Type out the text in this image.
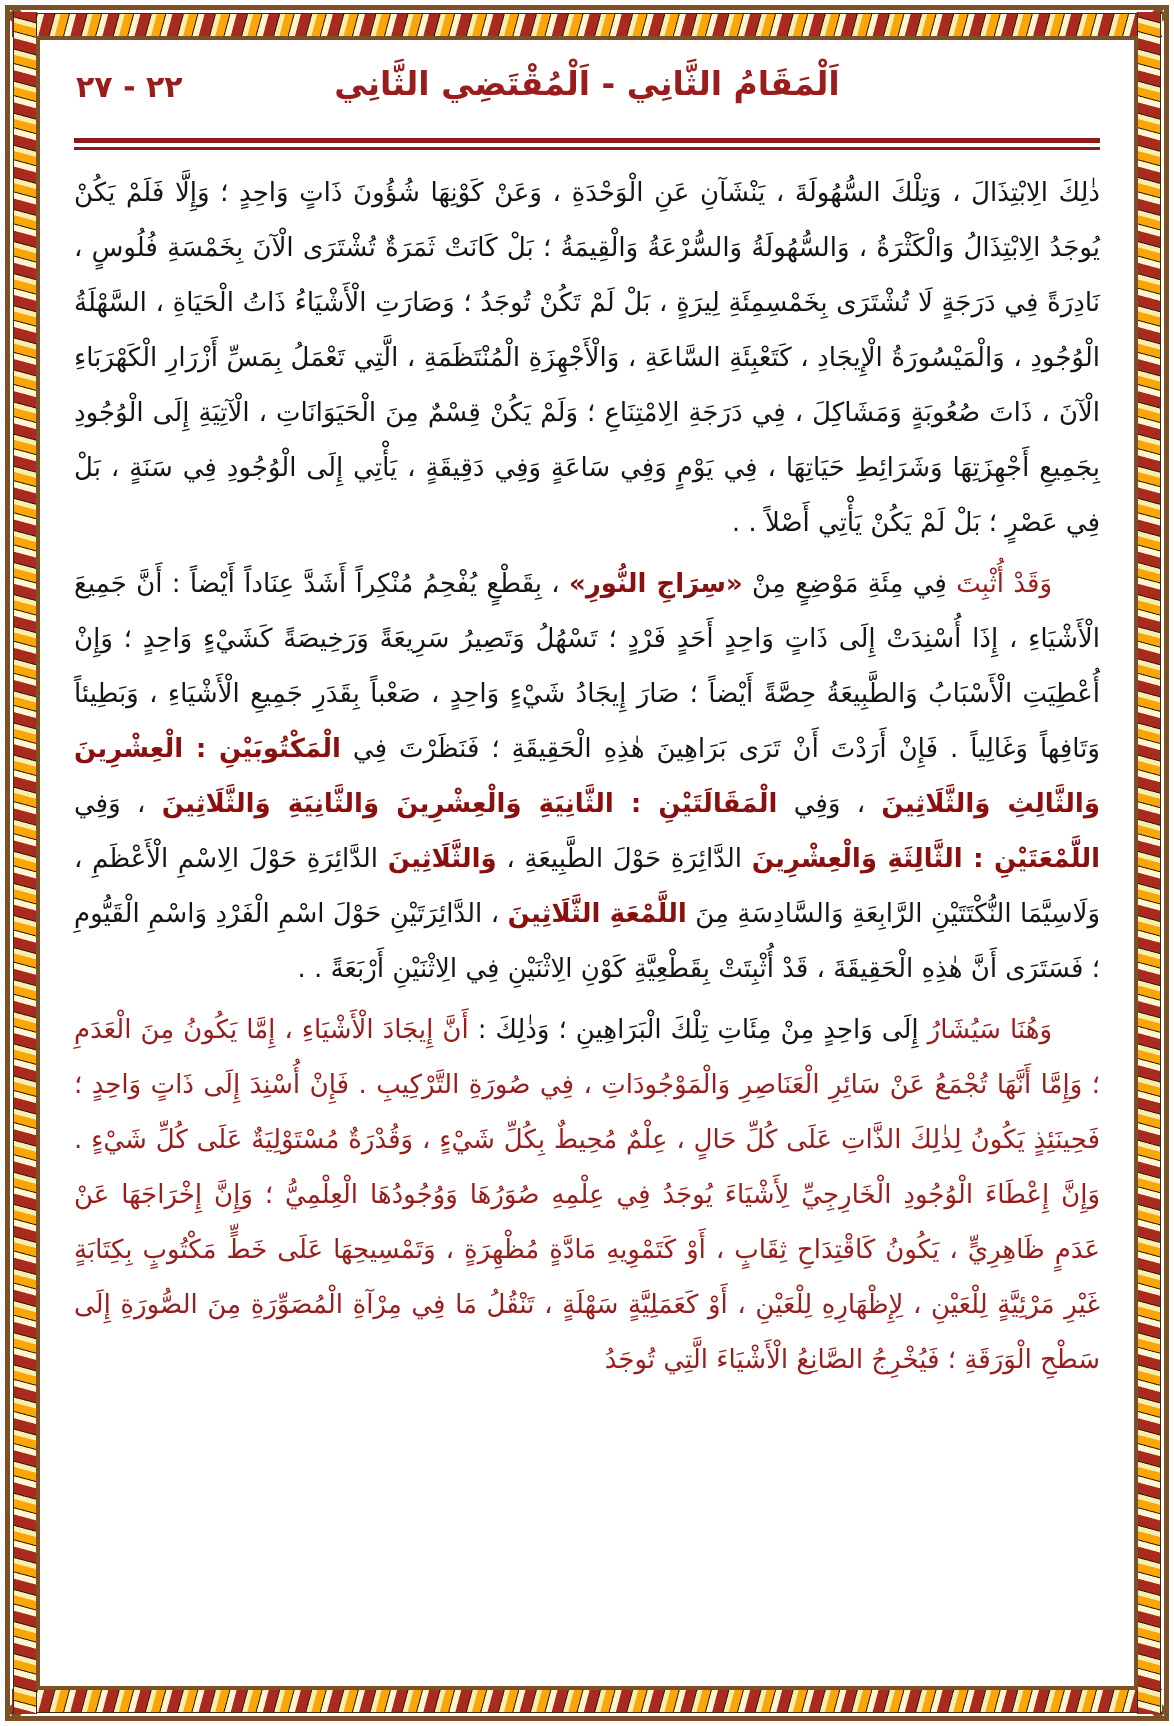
٢٢ - ٢٧	اَلْمَقَامُ الثَّانِي - اَلْمُقْتَضِي الثَّانِي

ذٰلِكَ الِابْتِذَالَ ، وَتِلْكَ السُّهُولَةَ ، يَنْشَآنِ عَنِ الْوَحْدَةِ ، وَعَنْ كَوْنِهَا شُؤُونَ ذَاتٍ وَاحِدٍ ؛ وَإِلَّا فَلَمْ يَكُنْ يُوجَدُ الِابْتِذَالُ وَالْكَثْرَةُ ، وَالسُّهُولَةُ وَالسُّرْعَةُ وَالْقِيمَةُ ؛ بَلْ كَانَتْ ثَمَرَةٌ تُشْتَرَى الْآنَ بِخَمْسَةِ فُلُوسٍ ، نَادِرَةً فِي دَرَجَةٍ لَا تُشْتَرَى بِخَمْسِمِئَةِ لِيرَةٍ ، بَلْ لَمْ تَكُنْ تُوجَدُ ؛ وَصَارَتِ الْأَشْيَاءُ ذَاتُ الْحَيَاةِ ، السَّهْلَةُ الْوُجُودِ ، وَالْمَيْسُورَةُ الْإِيجَادِ ، كَتَعْبِئَةِ السَّاعَةِ ، وَالْأَجْهِزَةِ الْمُنْتَظَمَةِ ، الَّتِي تَعْمَلُ بِمَسِّ أَزْرَارِ الْكَهْرَبَاءِ الْآنَ ، ذَاتَ صُعُوبَةٍ وَمَشَاكِلَ ، فِي دَرَجَةِ الِامْتِنَاعِ ؛ وَلَمْ يَكُنْ قِسْمٌ مِنَ الْحَيَوَانَاتِ ، الْآتِيَةِ إِلَى الْوُجُودِ بِجَمِيعِ أَجْهِزَتِهَا وَشَرَائِطِ حَيَاتِهَا ، فِي يَوْمٍ وَفِي سَاعَةٍ وَفِي دَقِيقَةٍ ، يَأْتِي إِلَى الْوُجُودِ فِي سَنَةٍ ، بَلْ فِي عَصْرٍ ؛ بَلْ لَمْ يَكُنْ يَأْتِي أَصْلاً . .

وَقَدْ أُثْبِتَ فِي مِئَةِ مَوْضِعٍ مِنْ «سِرَاجِ النُّورِ» ، بِقَطْعٍ يُفْحِمُ مُنْكِراً أَشَدَّ عِنَاداً أَيْضاً : أَنَّ جَمِيعَ الْأَشْيَاءِ ، إِذَا أُسْنِدَتْ إِلَى ذَاتٍ وَاحِدٍ أَحَدٍ فَرْدٍ ؛ تَسْهُلُ وَتَصِيرُ سَرِيعَةً وَرَخِيصَةً كَشَيْءٍ وَاحِدٍ ؛ وَإِنْ أُعْطِيَتِ الْأَسْبَابُ وَالطَّبِيعَةُ حِصَّةً أَيْضاً ؛ صَارَ إِيجَادُ شَيْءٍ وَاحِدٍ ، صَعْباً بِقَدَرِ جَمِيعِ الْأَشْيَاءِ ، وَبَطِيئاً وَتَافِهاً وَغَالِياً . فَإِنْ أَرَدْتَ أَنْ تَرَى بَرَاهِينَ هٰذِهِ الْحَقِيقَةِ ؛ فَنَظَرْتَ فِي الْمَكْتُوبَيْنِ : الْعِشْرِينَ وَالثَّالِثِ وَالثَّلَاثِينَ ، وَفِي الْمَقَالَتَيْنِ : الثَّانِيَةِ وَالْعِشْرِينَ وَالثَّانِيَةِ وَالثَّلَاثِينَ ، وَفِي اللَّمْعَتَيْنِ : الثَّالِثَةِ وَالْعِشْرِينَ الدَّائِرَةِ حَوْلَ الطَّبِيعَةِ ، وَالثَّلَاثِينَ الدَّائِرَةِ حَوْلَ الِاسْمِ الْأَعْظَمِ ، وَلَاسِيَّمَا النُّكْتَتَيْنِ الرَّابِعَةِ وَالسَّادِسَةِ مِنَ اللَّمْعَةِ الثَّلَاثِينَ ، الدَّائِرَتَيْنِ حَوْلَ اسْمِ الْفَرْدِ وَاسْمِ الْقَيُّومِ ؛ فَسَتَرَى أَنَّ هٰذِهِ الْحَقِيقَةَ ، قَدْ أُثْبِتَتْ بِقَطْعِيَّةِ كَوْنِ الِاثْنَيْنِ فِي الِاثْنَيْنِ أَرْبَعَةً . .

وَهُنَا سَيُشَارُ إِلَى وَاحِدٍ مِنْ مِئَاتِ تِلْكَ الْبَرَاهِينِ ؛ وَذٰلِكَ : أَنَّ إِيجَادَ الْأَشْيَاءِ ، إِمَّا يَكُونُ مِنَ الْعَدَمِ ؛ وَإِمَّا أَنَّهَا تُجْمَعُ عَنْ سَائِرِ الْعَنَاصِرِ وَالْمَوْجُودَاتِ ، فِي صُورَةِ التَّرْكِيبِ . فَإِنْ أُسْنِدَ إِلَى ذَاتٍ وَاحِدٍ ؛ فَحِينَئِذٍ يَكُونُ لِذٰلِكَ الذَّاتِ عَلَى كُلِّ حَالٍ ، عِلْمٌ مُحِيطٌ بِكُلِّ شَيْءٍ ، وَقُدْرَةٌ مُسْتَوْلِيَةٌ عَلَى كُلِّ شَيْءٍ . وَإِنَّ إِعْطَاءَ الْوُجُودِ الْخَارِجِيِّ لِأَشْيَاءَ يُوجَدُ فِي عِلْمِهِ صُوَرُهَا وَوُجُودُهَا الْعِلْمِيُّ ؛ وَإِنَّ إِخْرَاجَهَا عَنْ عَدَمٍ ظَاهِرِيٍّ ، يَكُونُ كَاقْتِدَاحِ ثِقَابٍ ، أَوْ كَتَمْوِيهِ مَادَّةٍ مُظْهِرَةٍ ، وَتَمْسِيحِهَا عَلَى خَطٍّ مَكْتُوبٍ بِكِتَابَةٍ غَيْرِ مَرْئِيَّةٍ لِلْعَيْنِ ، لِإِظْهَارِهِ لِلْعَيْنِ ، أَوْ كَعَمَلِيَّةٍ سَهْلَةٍ ، تَنْقُلُ مَا فِي مِرْآةِ الْمُصَوِّرَةِ مِنَ الصُّورَةِ إِلَى سَطْحِ الْوَرَقَةِ ؛ فَيُخْرِجُ الصَّانِعُ الْأَشْيَاءَ الَّتِي تُوجَدُ
